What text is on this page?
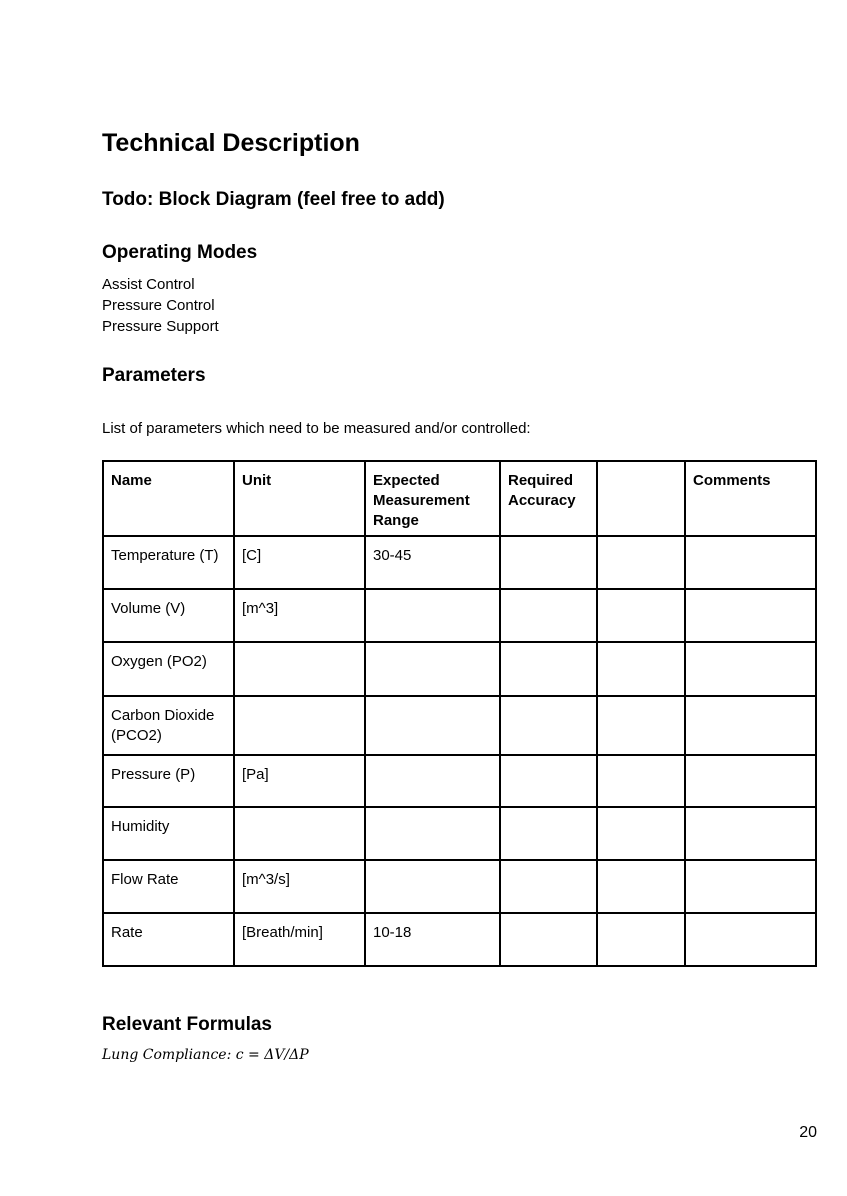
Technical Description
Todo: Block Diagram (feel free to add)
Operating Modes
Assist Control
Pressure Control
Pressure Support
Parameters

List of parameters which need to be measured and/or controlled:

Name	Unit	Expected Measurement Range	Required Accuracy		Comments
Temperature (T)	[C]	30-45			
Volume (V)	[m^3]				
Oxygen (PO2)					
Carbon Dioxide (PCO2)					
Pressure (P)	[Pa]				
Humidity					
Flow Rate	[m^3/s]				
Rate	[Breath/min]	10-18			
Relevant Formulas

Lung Compliance: c = ΔV/ΔP

20
